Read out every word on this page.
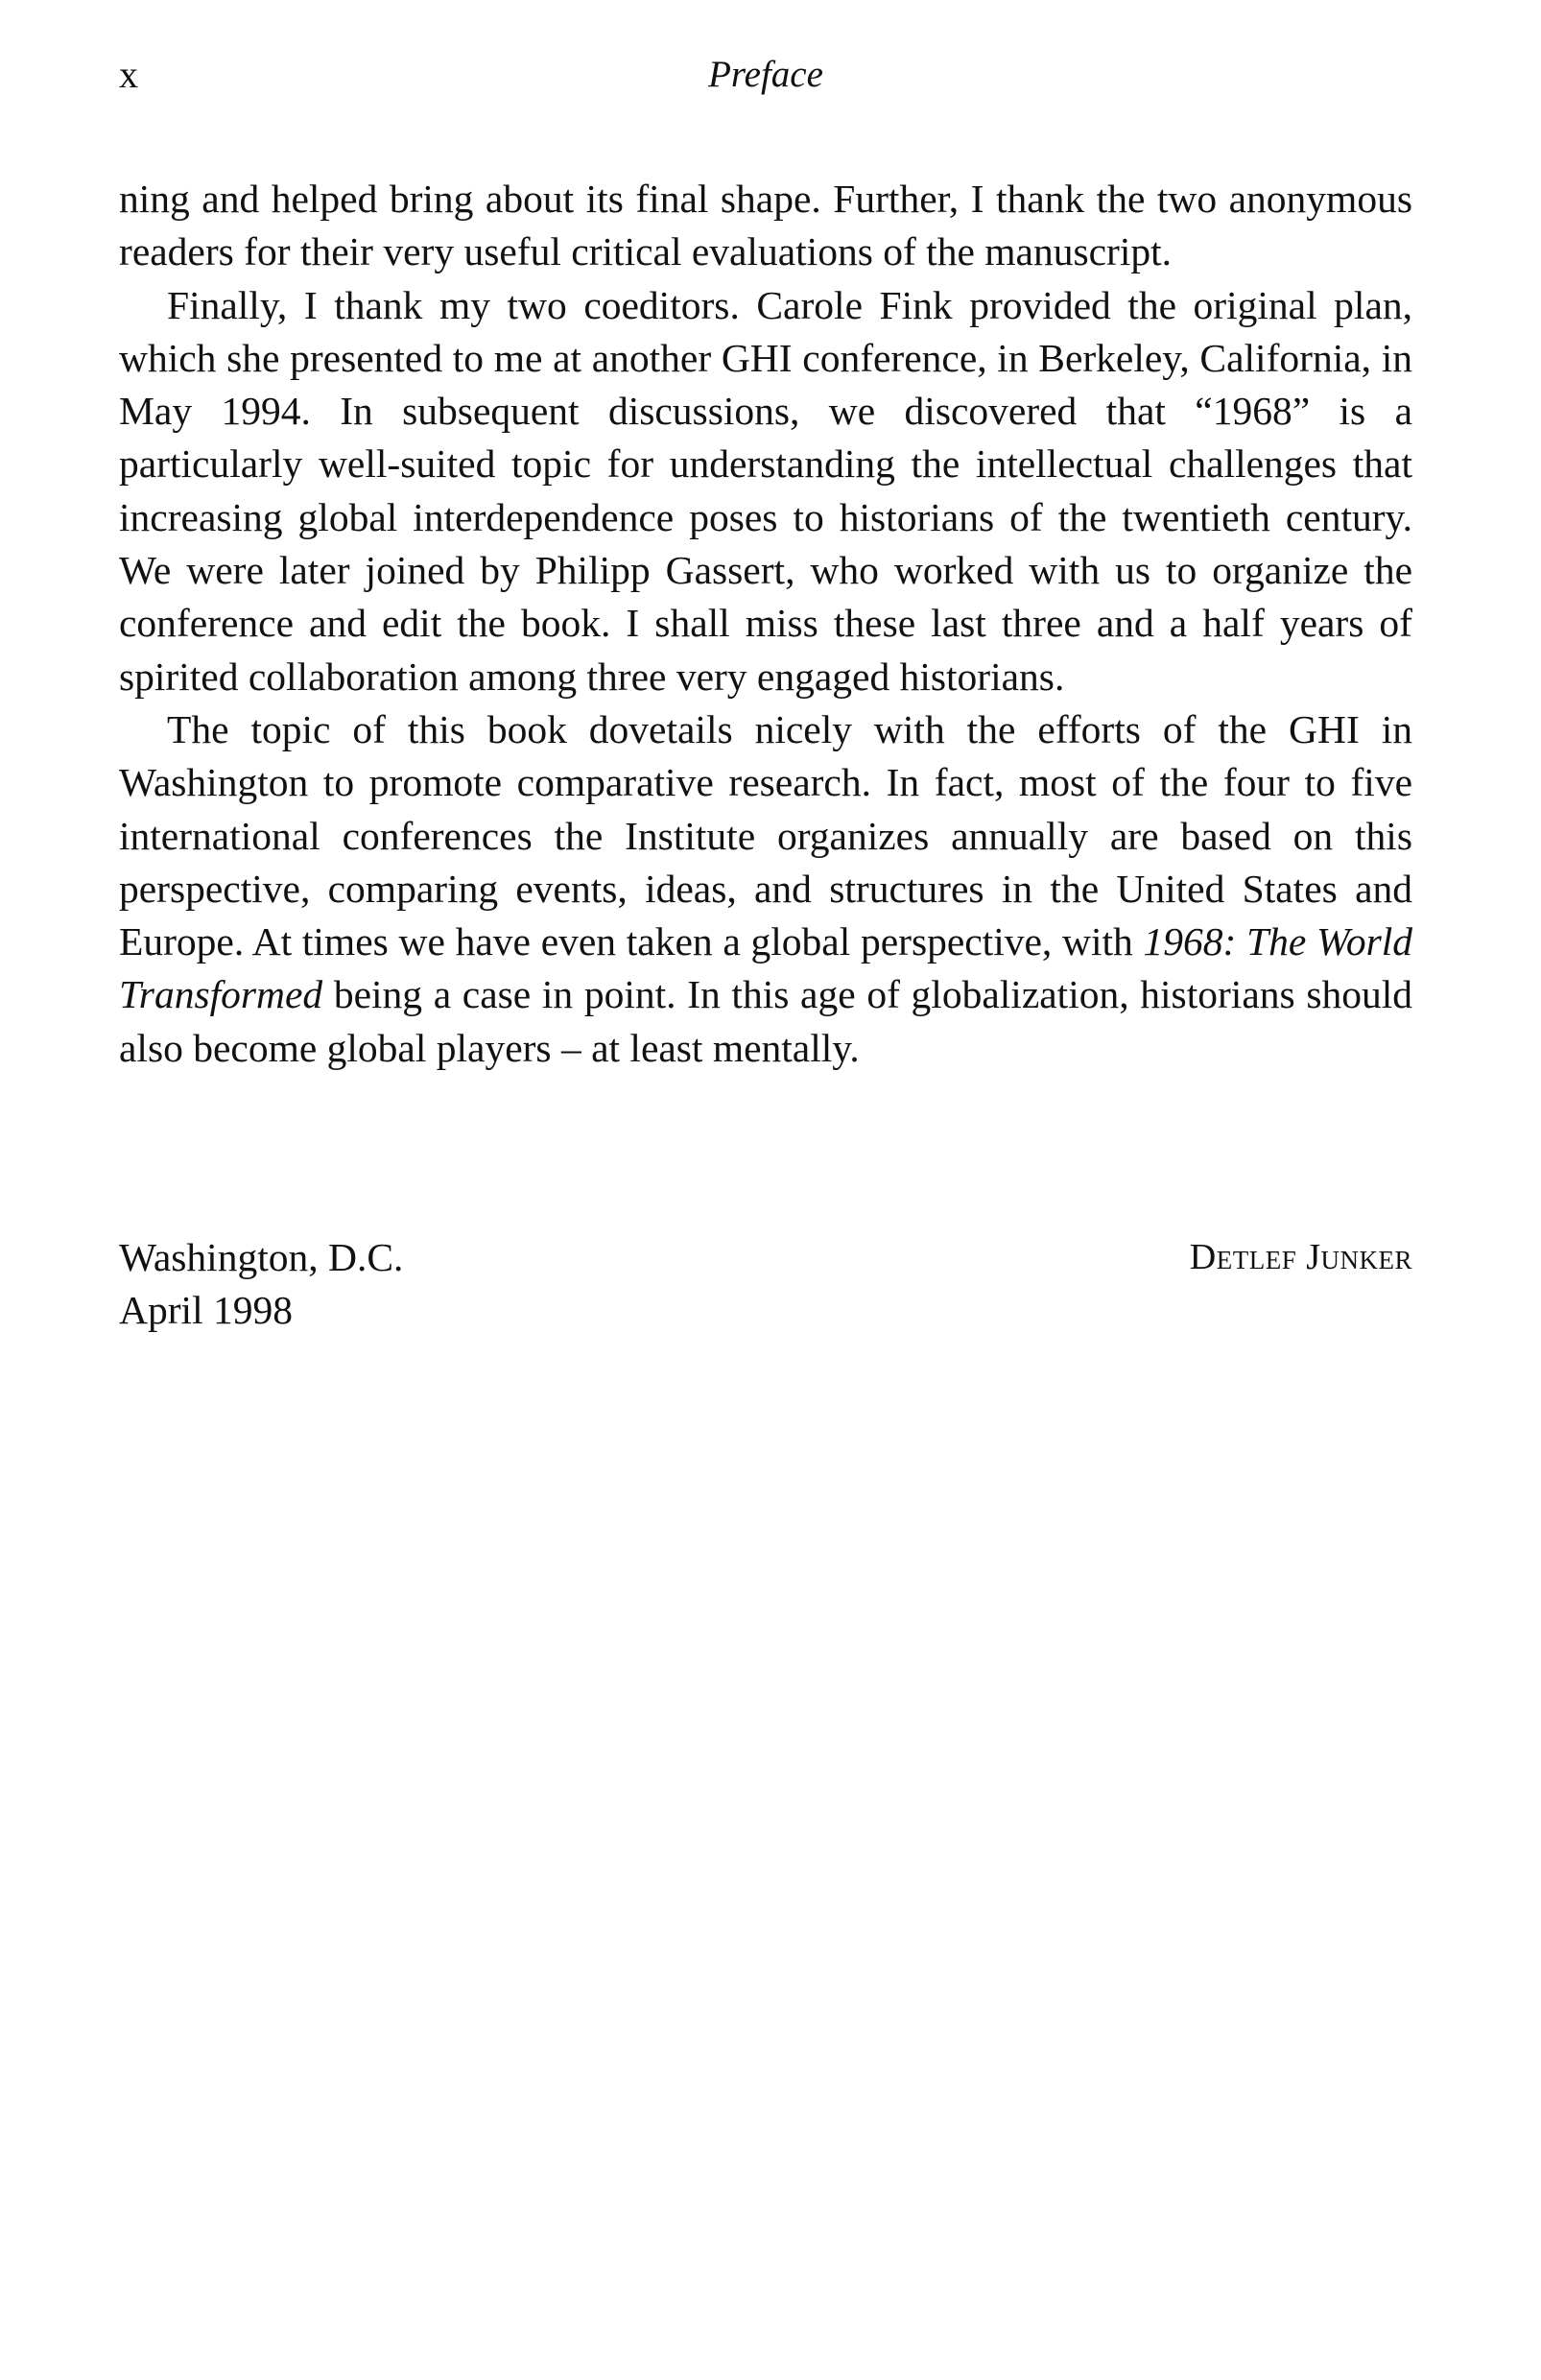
x	Preface

ning and helped bring about its final shape. Further, I thank the two anonymous readers for their very useful critical evaluations of the manuscript.

Finally, I thank my two coeditors. Carole Fink provided the original plan, which she presented to me at another GHI conference, in Berkeley, California, in May 1994. In subsequent discussions, we discovered that “1968” is a particularly well-suited topic for understanding the intellectual challenges that increasing global interdependence poses to historians of the twentieth century. We were later joined by Philipp Gassert, who worked with us to organize the conference and edit the book. I shall miss these last three and a half years of spirited collaboration among three very engaged historians.

The topic of this book dovetails nicely with the efforts of the GHI in Washington to promote comparative research. In fact, most of the four to five international conferences the Institute organizes annually are based on this perspective, comparing events, ideas, and structures in the United States and Europe. At times we have even taken a global perspective, with 1968: The World Transformed being a case in point. In this age of globalization, historians should also become global players – at least mentally.

Washington, D.C.
April 1998
Detlef Junker
